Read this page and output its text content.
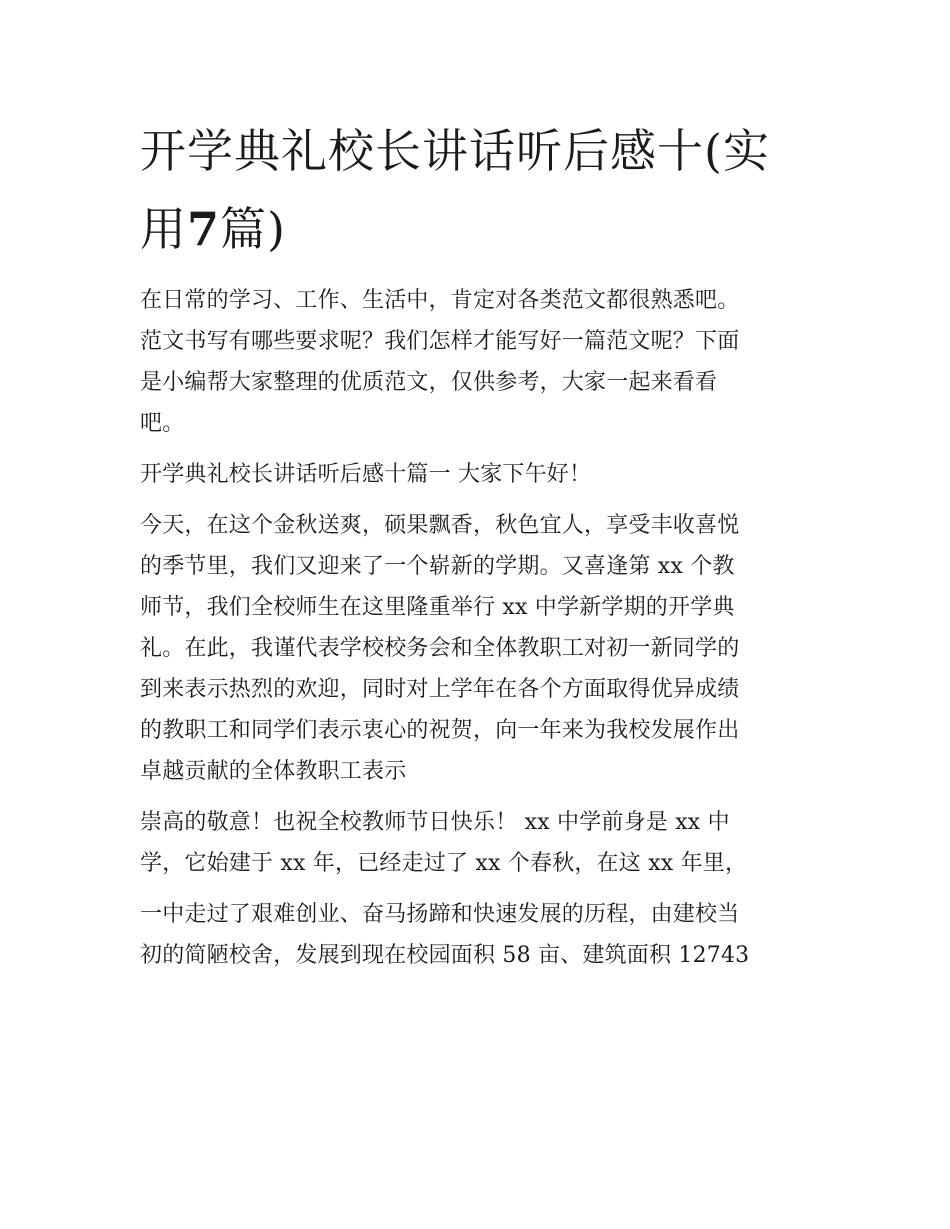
开学典礼校长讲话听后感十(实
用7篇)
在日常的学习、工作、生活中，肯定对各类范文都很熟悉吧。
范文书写有哪些要求呢？我们怎样才能写好一篇范文呢？下面
是小编帮大家整理的优质范文，仅供参考，大家一起来看看
吧。
开学典礼校长讲话听后感十篇一 大家下午好！
今天，在这个金秋送爽，硕果飘香，秋色宜人，享受丰收喜悦
的季节里，我们又迎来了一个崭新的学期。又喜逢第 xx 个教
师节，我们全校师生在这里隆重举行 xx 中学新学期的开学典
礼。在此，我谨代表学校校务会和全体教职工对初一新同学的
到来表示热烈的欢迎，同时对上学年在各个方面取得优异成绩
的教职工和同学们表示衷心的祝贺，向一年来为我校发展作出
卓越贡献的全体教职工表示
崇高的敬意！也祝全校教师节日快乐！ xx 中学前身是 xx 中
学，它始建于 xx 年，已经走过了 xx 个春秋，在这 xx 年里，
一中走过了艰难创业、奋马扬蹄和快速发展的历程，由建校当
初的简陋校舍，发展到现在校园面积 58 亩、建筑面积 12743
